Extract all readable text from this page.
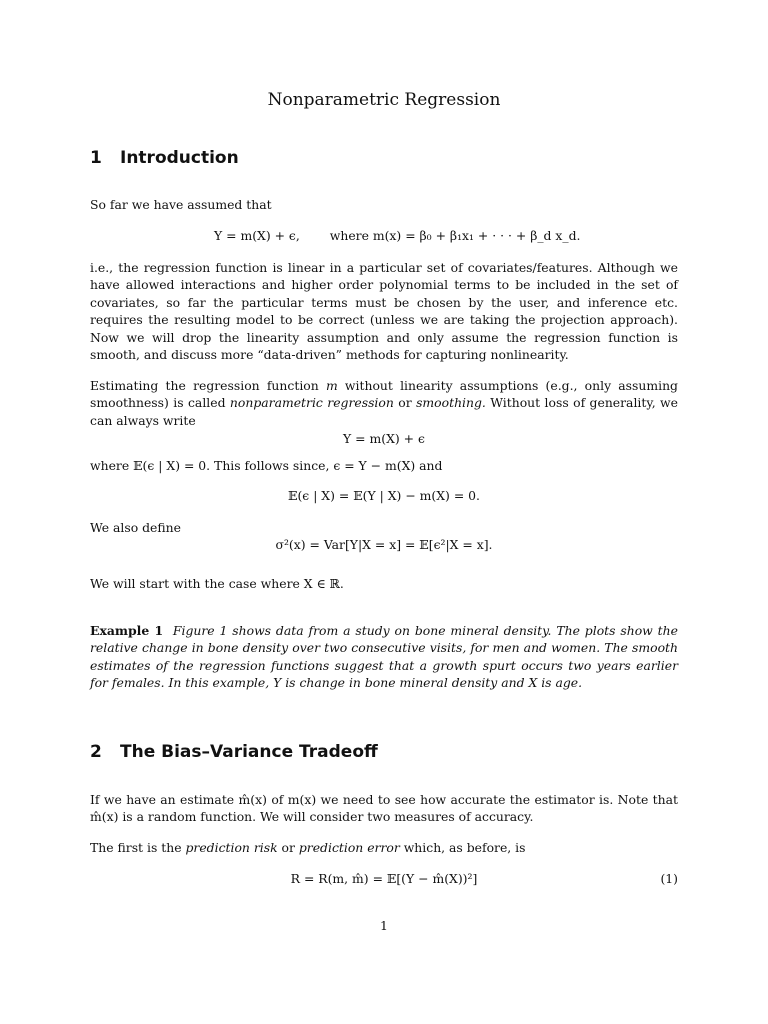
Nonparametric Regression
1 Introduction
So far we have assumed that
Y = m(X) + ϵ, where m(x) = β₀ + β₁x₁ + · · · + β_d x_d.
i.e., the regression function is linear in a particular set of covariates/features. Although we have allowed interactions and higher order polynomial terms to be included in the set of covariates, so far the particular terms must be chosen by the user, and inference etc. requires the resulting model to be correct (unless we are taking the projection approach). Now we will drop the linearity assumption and only assume the regression function is smooth, and discuss more “data-driven” methods for capturing nonlinearity.
Estimating the regression function m without linearity assumptions (e.g., only assuming smoothness) is called nonparametric regression or smoothing. Without loss of generality, we can always write
Y = m(X) + ϵ
where 𝔼(ϵ | X) = 0. This follows since, ϵ = Y − m(X) and
𝔼(ϵ | X) = 𝔼(Y | X) − m(X) = 0.
We also define
σ²(x) = Var[Y|X = x] = 𝔼[ϵ²|X = x].
We will start with the case where X ∈ ℝ.
Example 1 Figure 1 shows data from a study on bone mineral density. The plots show the relative change in bone density over two consecutive visits, for men and women. The smooth estimates of the regression functions suggest that a growth spurt occurs two years earlier for females. In this example, Y is change in bone mineral density and X is age.
2 The Bias–Variance Tradeoff
If we have an estimate m̂(x) of m(x) we need to see how accurate the estimator is. Note that m̂(x) is a random function. We will consider two measures of accuracy.
The first is the prediction risk or prediction error which, as before, is
R = R(m, m̂) = 𝔼[(Y − m̂(X))²]	(1)
1
